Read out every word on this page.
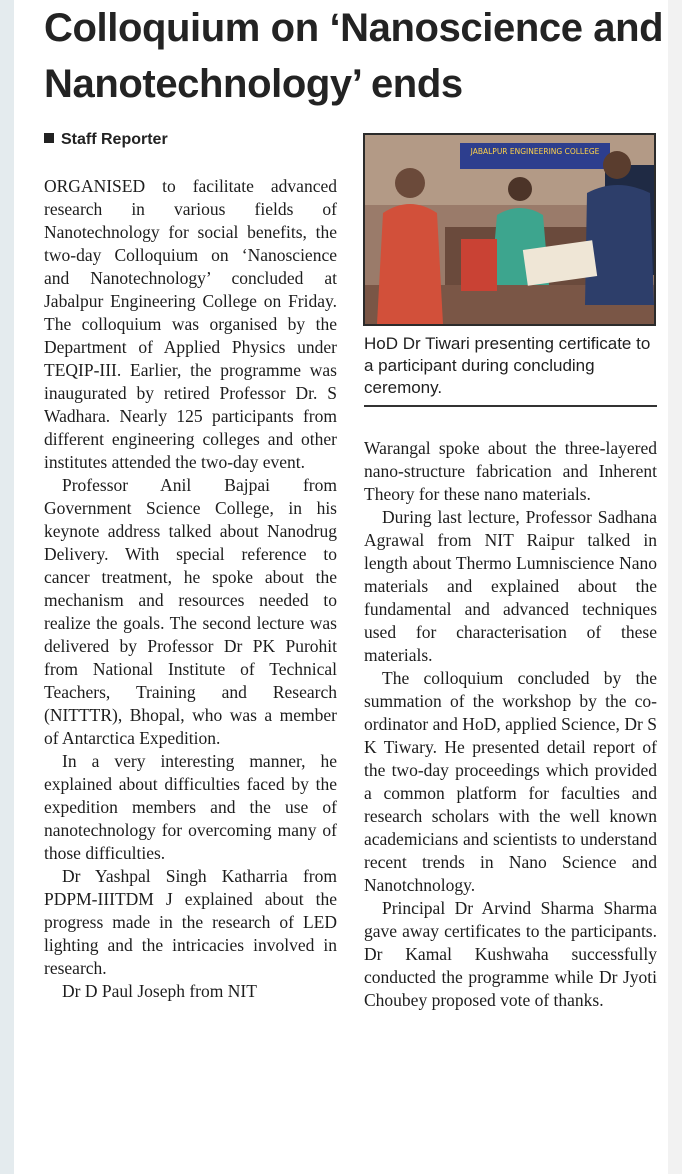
Colloquium on ‘Nanoscience and Nanotechnology’ ends
Staff Reporter

ORGANISED to facilitate advanced research in various fields of Nanotechnology for social benefits, the two-day Colloquium on ‘Nanoscience and Nanotechnology’ concluded at Jabalpur Engineering College on Friday. The colloquium was organised by the Department of Applied Physics under TEQIP-III. Earlier, the programme was inaugurated by retired Professor Dr. S Wadhara. Nearly 125 participants from different engineering colleges and other institutes attended the two-day event.

Professor Anil Bajpai from Government Science College, in his keynote address talked about Nanodrug Delivery. With special reference to cancer treatment, he spoke about the mechanism and resources needed to realize the goals. The second lecture was delivered by Professor Dr PK Purohit from National Institute of Technical Teachers, Training and Research (NITTTR), Bhopal, who was a member of Antarctica Expedition.

In a very interesting manner, he explained about difficulties faced by the expedition members and the use of nanotechnology for overcoming many of those difficulties.

Dr Yashpal Singh Katharria from PDPM-IIITDM J explained about the progress made in the research of LED lighting and the intricacies involved in research.

Dr D Paul Joseph from NIT

JABALPUR ENGINEERING COLLEGE
HoD Dr Tiwari presenting certificate to a participant during concluding ceremony.

Warangal spoke about the three-layered nano-structure fabrication and Inherent Theory for these nano materials.

During last lecture, Professor Sadhana Agrawal from NIT Raipur talked in length about Thermo Lumniscience Nano materials and explained about the fundamental and advanced techniques used for characterisation of these materials.

The colloquium concluded by the summation of the workshop by the co-ordinator and HoD, applied Science, Dr S K Tiwary. He presented detail report of the two-day proceedings which provided a common platform for faculties and research scholars with the well known academicians and scientists to understand recent trends in Nano Science and Nanotchnology.

Principal Dr Arvind Sharma Sharma gave away certificates to the participants. Dr Kamal Kushwaha successfully conducted the programme while Dr Jyoti Choubey proposed vote of thanks.
